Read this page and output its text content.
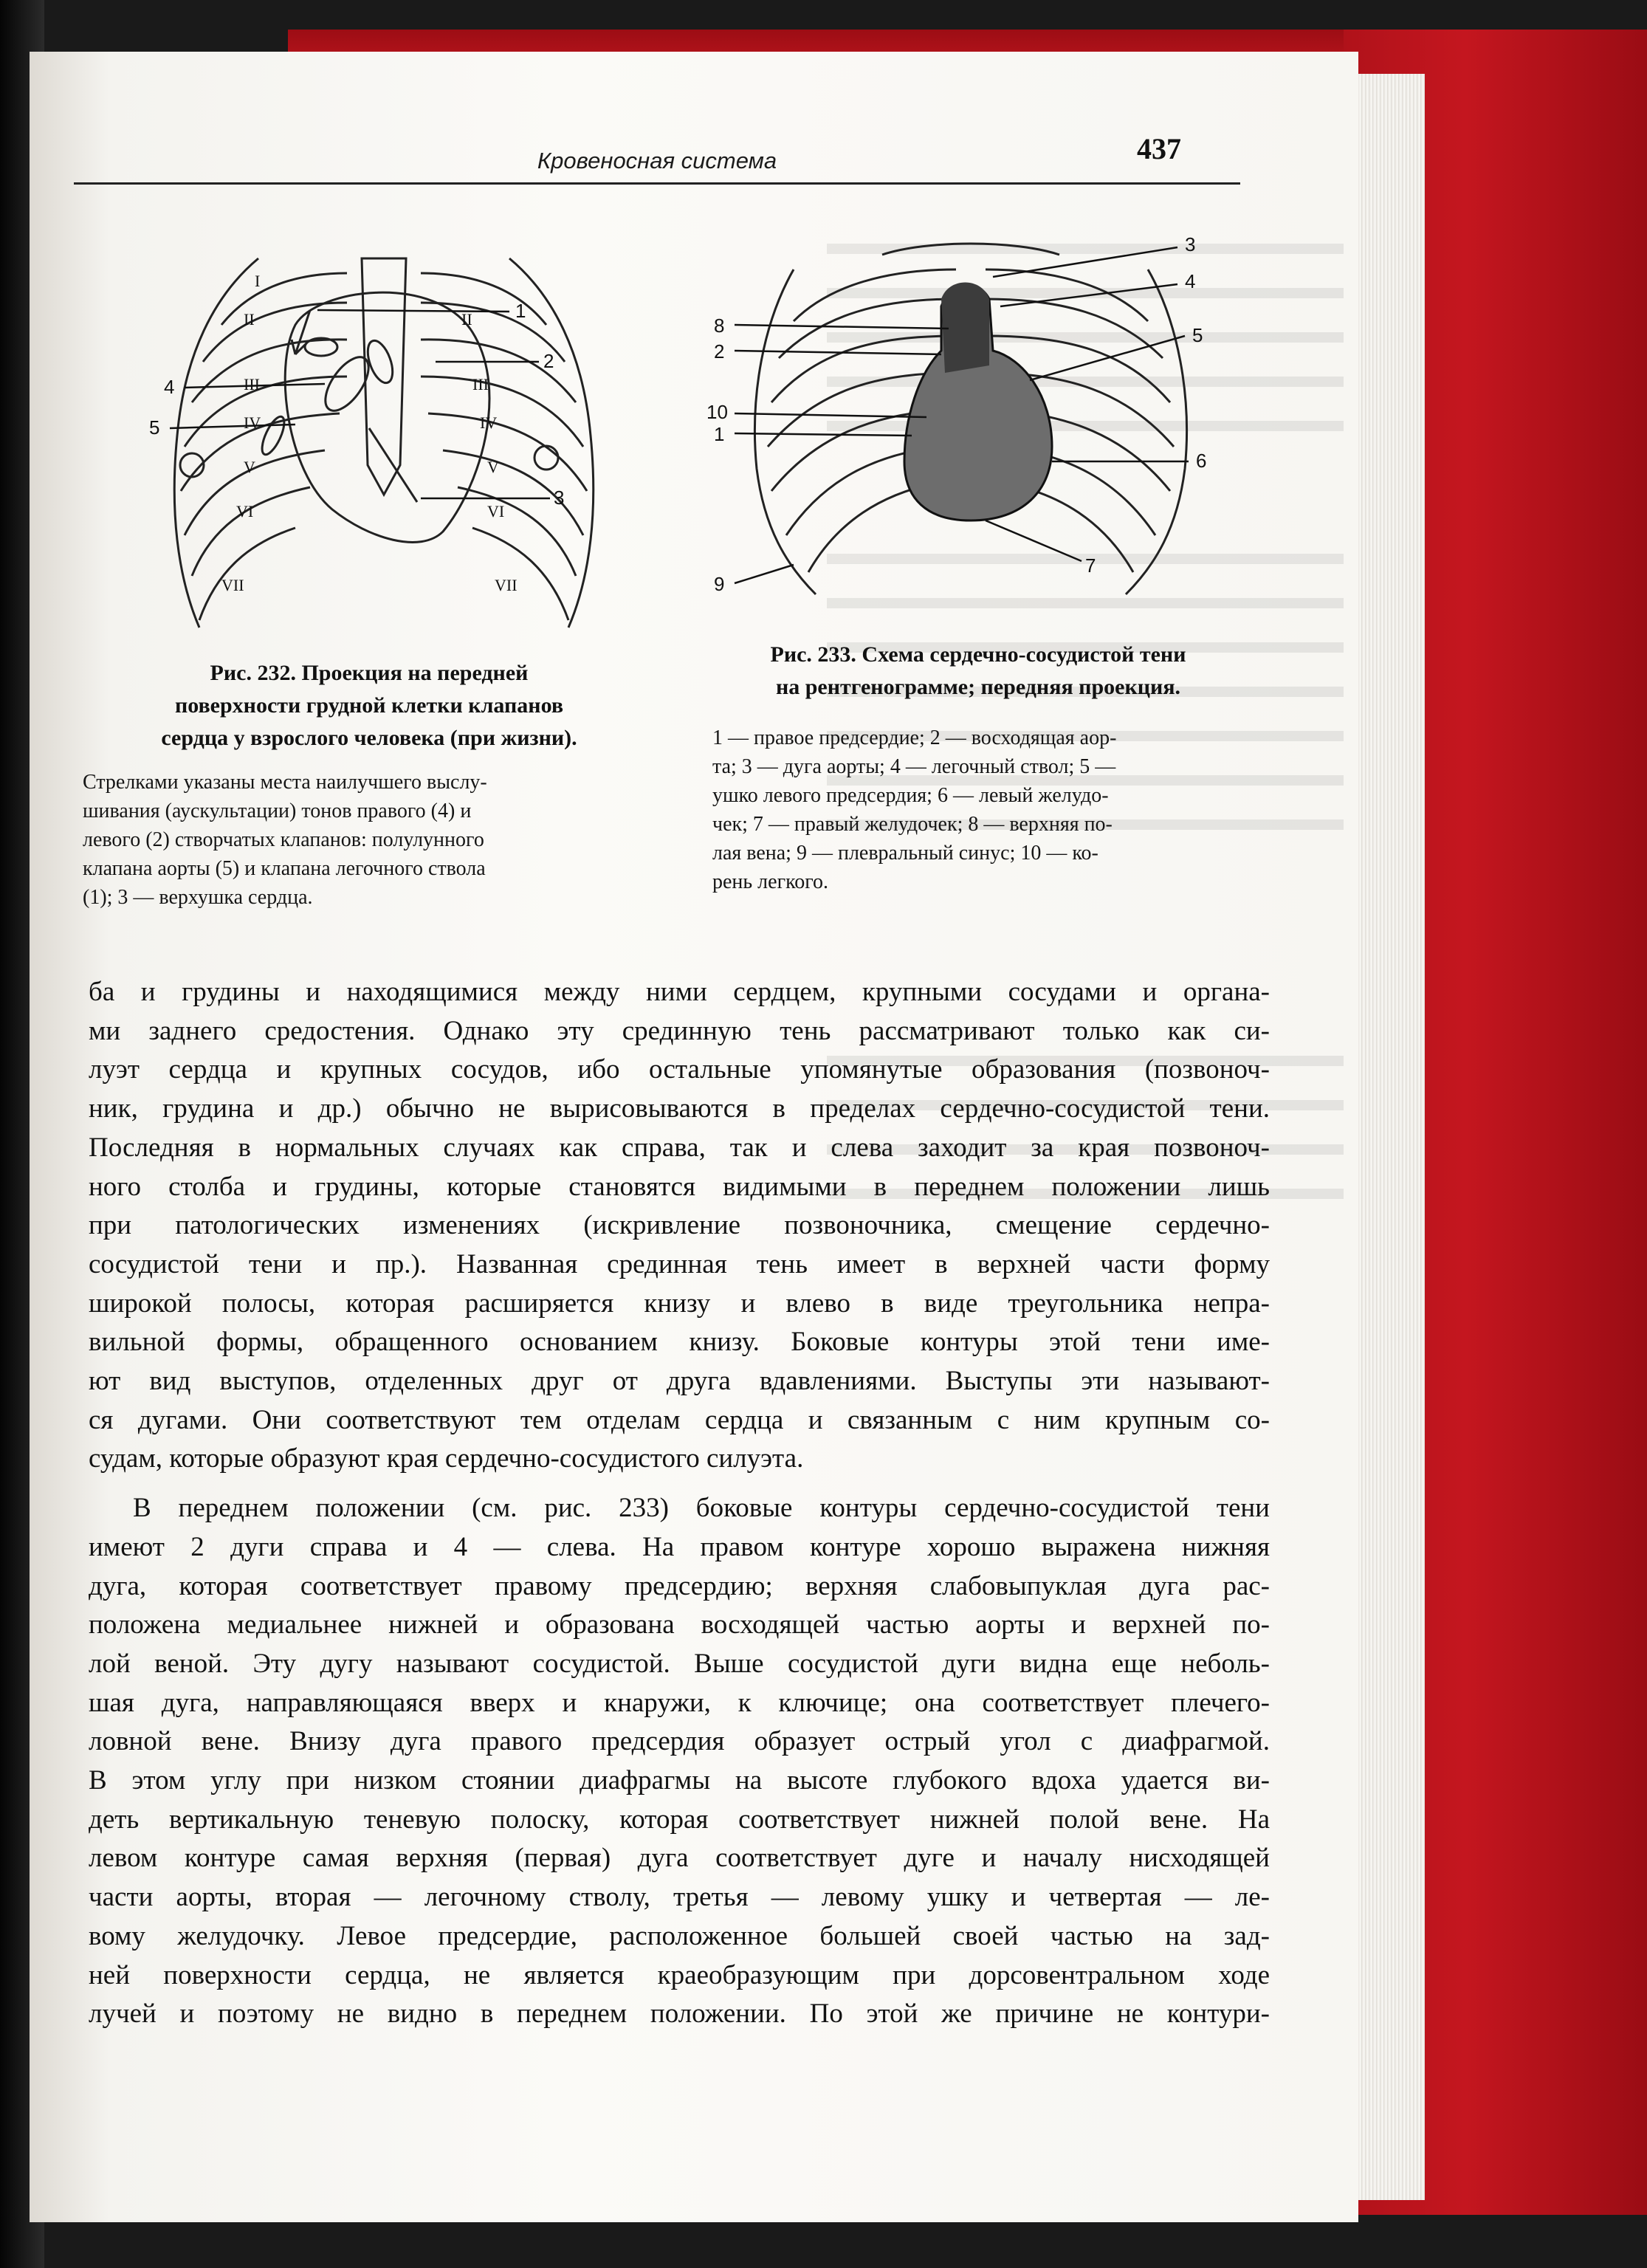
Кровеносная система	437
1
2
3
4
5
I
II
III
IV
V
VI
VII
II
III
IV
V
VI
VII
3
4
8
2
5
10
1
6
9
7
Рис. 232. Проекция на передней
поверхности грудной клетки клапанов
сердца у взрослого человека (при жизни).
Стрелками указаны места наилучшего выслу-
шивания (аускультации) тонов правого (4) и
левого (2) створчатых клапанов: полулунного
клапана аорты (5) и клапана легочного ствола
(1); 3 — верхушка сердца.
Рис. 233. Схема сердечно-сосудистой тени
на рентгенограмме; передняя проекция.
1 — правое предсердие; 2 — восходящая аор-
та; 3 — дуга аорты; 4 — легочный ствол; 5 —
ушко левого предсердия; 6 — левый желудо-
чек; 7 — правый желудочек; 8 — верхняя по-
лая вена; 9 — плевральный синус; 10 — ко-
рень легкого.
ба и грудины и находящимися между ними сердцем, крупными сосудами и органа-
ми заднего средостения. Однако эту срединную тень рассматривают только как си-
луэт сердца и крупных сосудов, ибо остальные упомянутые образования (позвоноч-
ник, грудина и др.) обычно не вырисовываются в пределах сердечно-сосудистой тени.
Последняя в нормальных случаях как справа, так и слева заходит за края позвоноч-
ного столба и грудины, которые становятся видимыми в переднем положении лишь
при патологических изменениях (искривление позвоночника, смещение сердечно-
сосудистой тени и пр.). Названная срединная тень имеет в верхней части форму
широкой полосы, которая расширяется книзу и влево в виде треугольника непра-
вильной формы, обращенного основанием книзу. Боковые контуры этой тени име-
ют вид выступов, отделенных друг от друга вдавлениями. Выступы эти называют-
ся дугами. Они соответствуют тем отделам сердца и связанным с ним крупным со-
судам, которые образуют края сердечно-сосудистого силуэта.
В переднем положении (см. рис. 233) боковые контуры сердечно-сосудистой тени
имеют 2 дуги справа и 4 — слева. На правом контуре хорошо выражена нижняя
дуга, которая соответствует правому предсердию; верхняя слабовыпуклая дуга рас-
положена медиальнее нижней и образована восходящей частью аорты и верхней по-
лой веной. Эту дугу называют сосудистой. Выше сосудистой дуги видна еще неболь-
шая дуга, направляющаяся вверх и кнаружи, к ключице; она соответствует плечего-
ловной вене. Внизу дуга правого предсердия образует острый угол с диафрагмой.
В этом углу при низком стоянии диафрагмы на высоте глубокого вдоха удается ви-
деть вертикальную теневую полоску, которая соответствует нижней полой вене. На
левом контуре самая верхняя (первая) дуга соответствует дуге и началу нисходящей
части аорты, вторая — легочному стволу, третья — левому ушку и четвертая — ле-
вому желудочку. Левое предсердие, расположенное большей своей частью на зад-
ней поверхности сердца, не является краеобразующим при дорсовентральном ходе
лучей и поэтому не видно в переднем положении. По этой же причине не контури-
